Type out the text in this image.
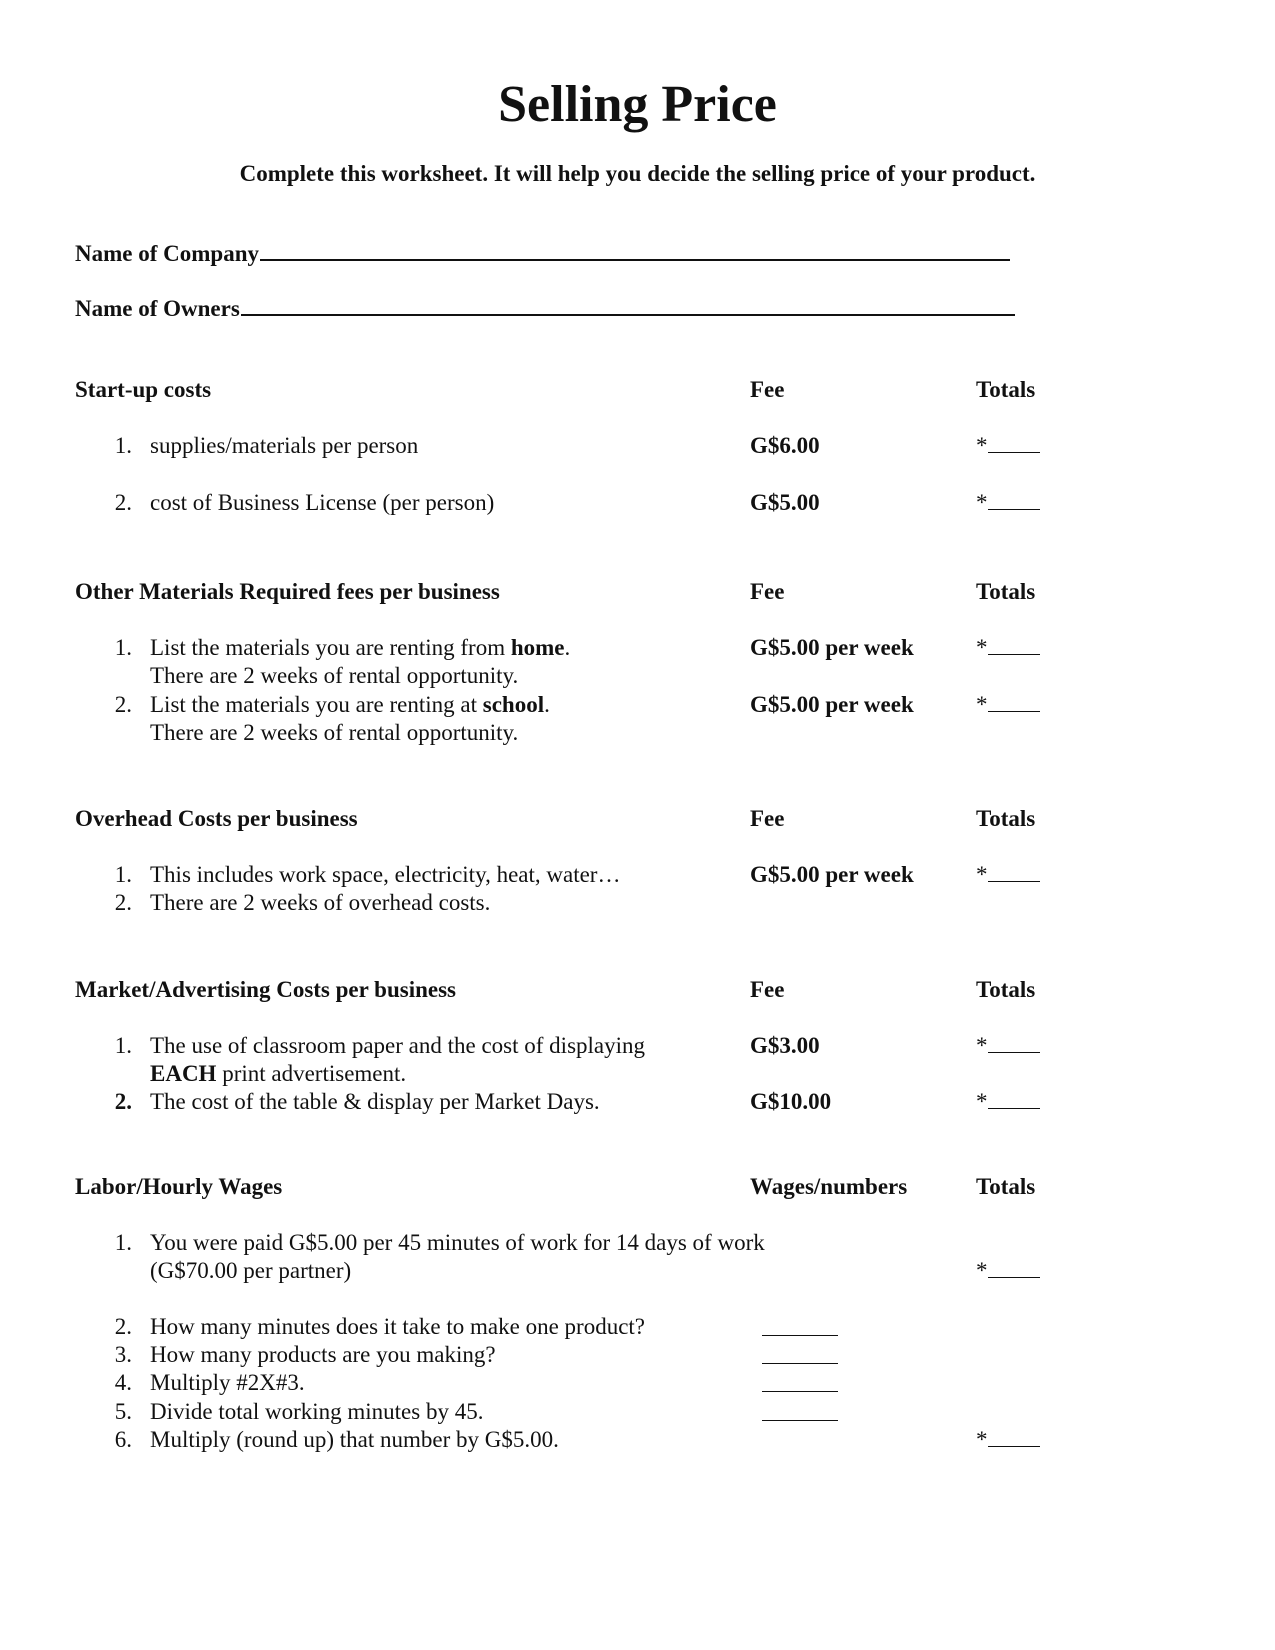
Selling Price
Complete this worksheet. It will help you decide the selling price of your product.
Name of Company
Name of Owners
Start-up costs	Fee	Totals
1. supplies/materials per person	G$6.00	*
2. cost of Business License (per person)	G$5.00	*
Other Materials Required fees per business	Fee	Totals
1. List the materials you are renting from home.	G$5.00 per week	*
There are 2 weeks of rental opportunity.
2. List the materials you are renting at school.	G$5.00 per week	*
There are 2 weeks of rental opportunity.
Overhead Costs per business	Fee	Totals
1. This includes work space, electricity, heat, water…	G$5.00 per week	*
2. There are 2 weeks of overhead costs.
Market/Advertising Costs per business	Fee	Totals
1. The use of classroom paper and the cost of displaying	G$3.00	*
EACH print advertisement.
2. The cost of the table & display per Market Days.	G$10.00	*
Labor/Hourly Wages	Wages/numbers	Totals
1. You were paid G$5.00 per 45 minutes of work for 14 days of work
(G$70.00 per partner)	*
2. How many minutes does it take to make one product?
3. How many products are you making?
4. Multiply #2X#3.
5. Divide total working minutes by 45.
6. Multiply (round up) that number by G$5.00.	*
